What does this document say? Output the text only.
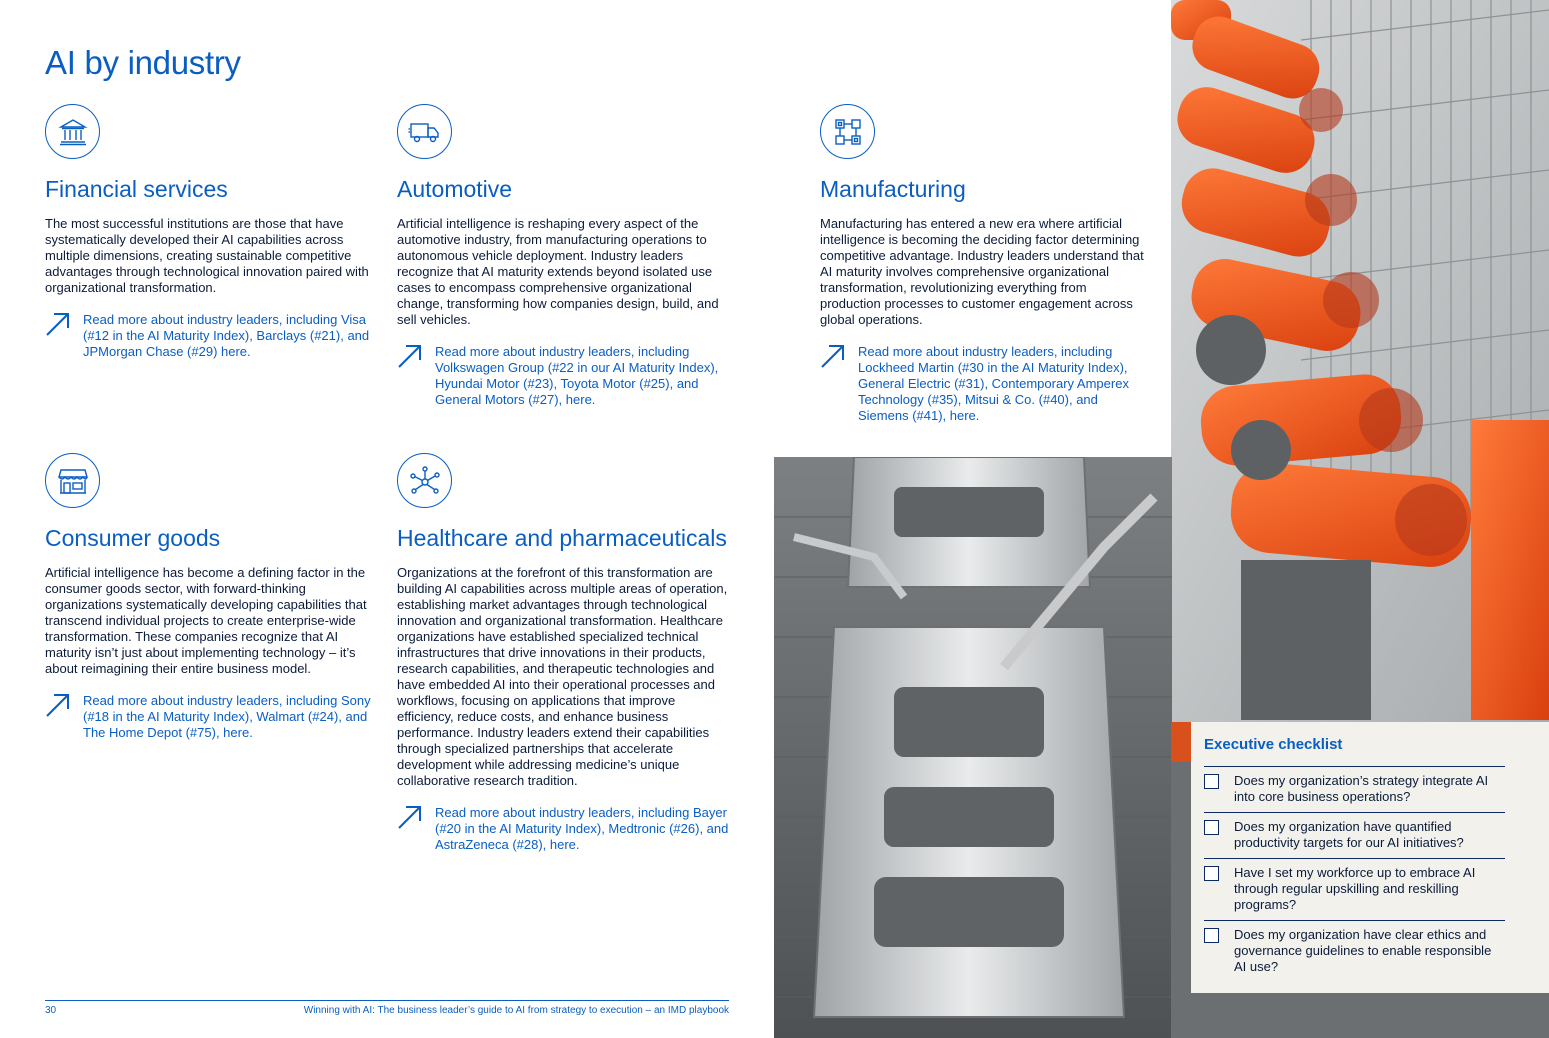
AI by industry
Financial services

The most successful institutions are those that have systematically developed their AI capabilities across multiple dimensions, creating sustainable competitive advantages through technological innovation paired with organizational transformation.

Read more about industry leaders, including Visa (#12 in the AI Maturity Index), Barclays (#21), and JPMorgan Chase (#29) here.
Automotive

Artificial intelligence is reshaping every aspect of the automotive industry, from manufacturing operations to autonomous vehicle deployment. Industry leaders recognize that AI maturity extends beyond isolated use cases to encompass comprehensive organizational change, transforming how companies design, build, and sell vehicles.

Read more about industry leaders, including Volkswagen Group (#22 in our AI Maturity Index), Hyundai Motor (#23), Toyota Motor (#25), and General Motors (#27), here.
Manufacturing

Manufacturing has entered a new era where artificial intelligence is becoming the deciding factor determining competitive advantage. Industry leaders understand that AI maturity involves comprehensive organizational transformation, revolutionizing everything from production processes to customer engagement across global operations.

Read more about industry leaders, including Lockheed Martin (#30 in the AI Maturity Index), General Electric (#31), Contemporary Amperex Technology (#35), Mitsui & Co. (#40), and Siemens (#41), here.
Consumer goods

Artificial intelligence has become a defining factor in the consumer goods sector, with forward-thinking organizations systematically developing capabilities that transcend individual projects to create enterprise-wide transformation. These companies recognize that AI maturity isn’t just about implementing technology – it’s about reimagining their entire business model.

Read more about industry leaders, including Sony (#18 in the AI Maturity Index), Walmart (#24), and The Home Depot (#75), here.
Healthcare and pharmaceuticals

Organizations at the forefront of this transformation are building AI capabilities across multiple areas of operation, establishing market advantages through technological innovation and organizational transformation. Healthcare organizations have established specialized technical infrastructures that drive innovations in their products, research capabilities, and therapeutic technologies and have embedded AI into their operational processes and workflows, focusing on applications that improve efficiency, reduce costs, and enhance business performance. Industry leaders extend their capabilities through specialized partnerships that accelerate development while addressing medicine’s unique collaborative research tradition.

Read more about industry leaders, including Bayer (#20 in the AI Maturity Index), Medtronic (#26), and AstraZeneca (#28), here.
Executive checklist
Does my organization’s strategy integrate AI into core business operations?
Does my organization have quantified productivity targets for our AI initiatives?
Have I set my workforce up to embrace AI through regular upskilling and reskilling programs?
Does my organization have clear ethics and governance guidelines to enable responsible AI use?
30	Winning with AI: The business leader’s guide to AI from strategy to execution – an IMD playbook
